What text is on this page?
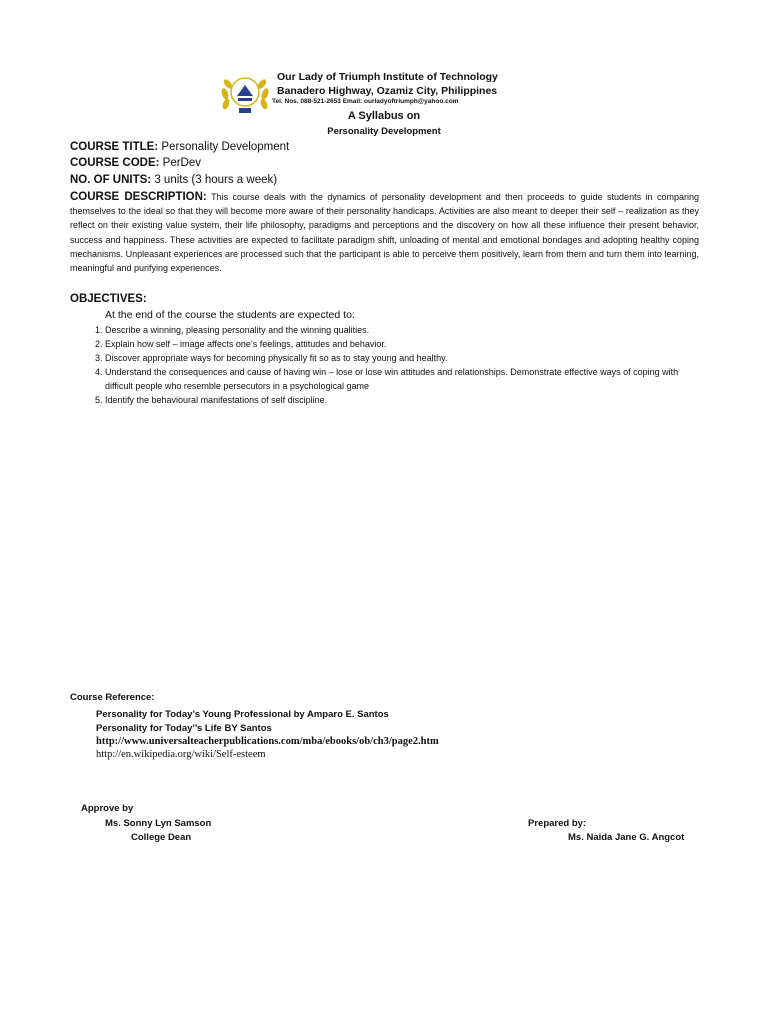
Our Lady of Triumph Institute of Technology
Banadero Highway, Ozamiz City, Philippines
Tel. Nos. 088-521-2653 Email: ourladyoftriumph@yahoo.com
A Syllabus on
Personality Development
COURSE TITLE: Personality Development
COURSE CODE: PerDev
NO. OF UNITS: 3 units (3 hours a week)
COURSE DESCRIPTION: This course deals with the dynamics of personality development and then proceeds to guide students in comparing themselves to the ideal so that they will become more aware of their personality handicaps. Activities are also meant to deeper their self – realization as they reflect on their existing value system, their life philosophy, paradigms and perceptions and the discovery on how all these influence their present behavior, success and happiness. These activities are expected to facilitate paradigm shift, unloading of mental and emotional bondages and adopting healthy coping mechanisms. Unpleasant experiences are processed such that the participant is able to perceive them positively, learn from them and turn them into learning, meaningful and purifying experiences.
OBJECTIVES:
At the end of the course the students are expected to:
1. Describe a winning, pleasing personality and the winning qualities.
2. Explain how self – image affects one’s feelings, attitudes and behavior.
3. Discover appropriate ways for becoming physically fit so as to stay young and healthy.
4. Understand the consequences and cause of having win – lose or lose win attitudes and relationships. Demonstrate effective ways of coping with difficult people who resemble persecutors in a psychological game
5. Identify the behavioural manifestations of self discipline.
Course Reference:
Personality for Today’s Young Professional by Amparo E. Santos
Personality for Today’’s Life BY Santos
http://www.universalteacherpublications.com/mba/ebooks/ob/ch3/page2.htm
http://en.wikipedia.org/wiki/Self-esteem
Approve by
Ms. Sonny Lyn Samson
College Dean
Prepared by:
Ms. Naida Jane G. Angcot
